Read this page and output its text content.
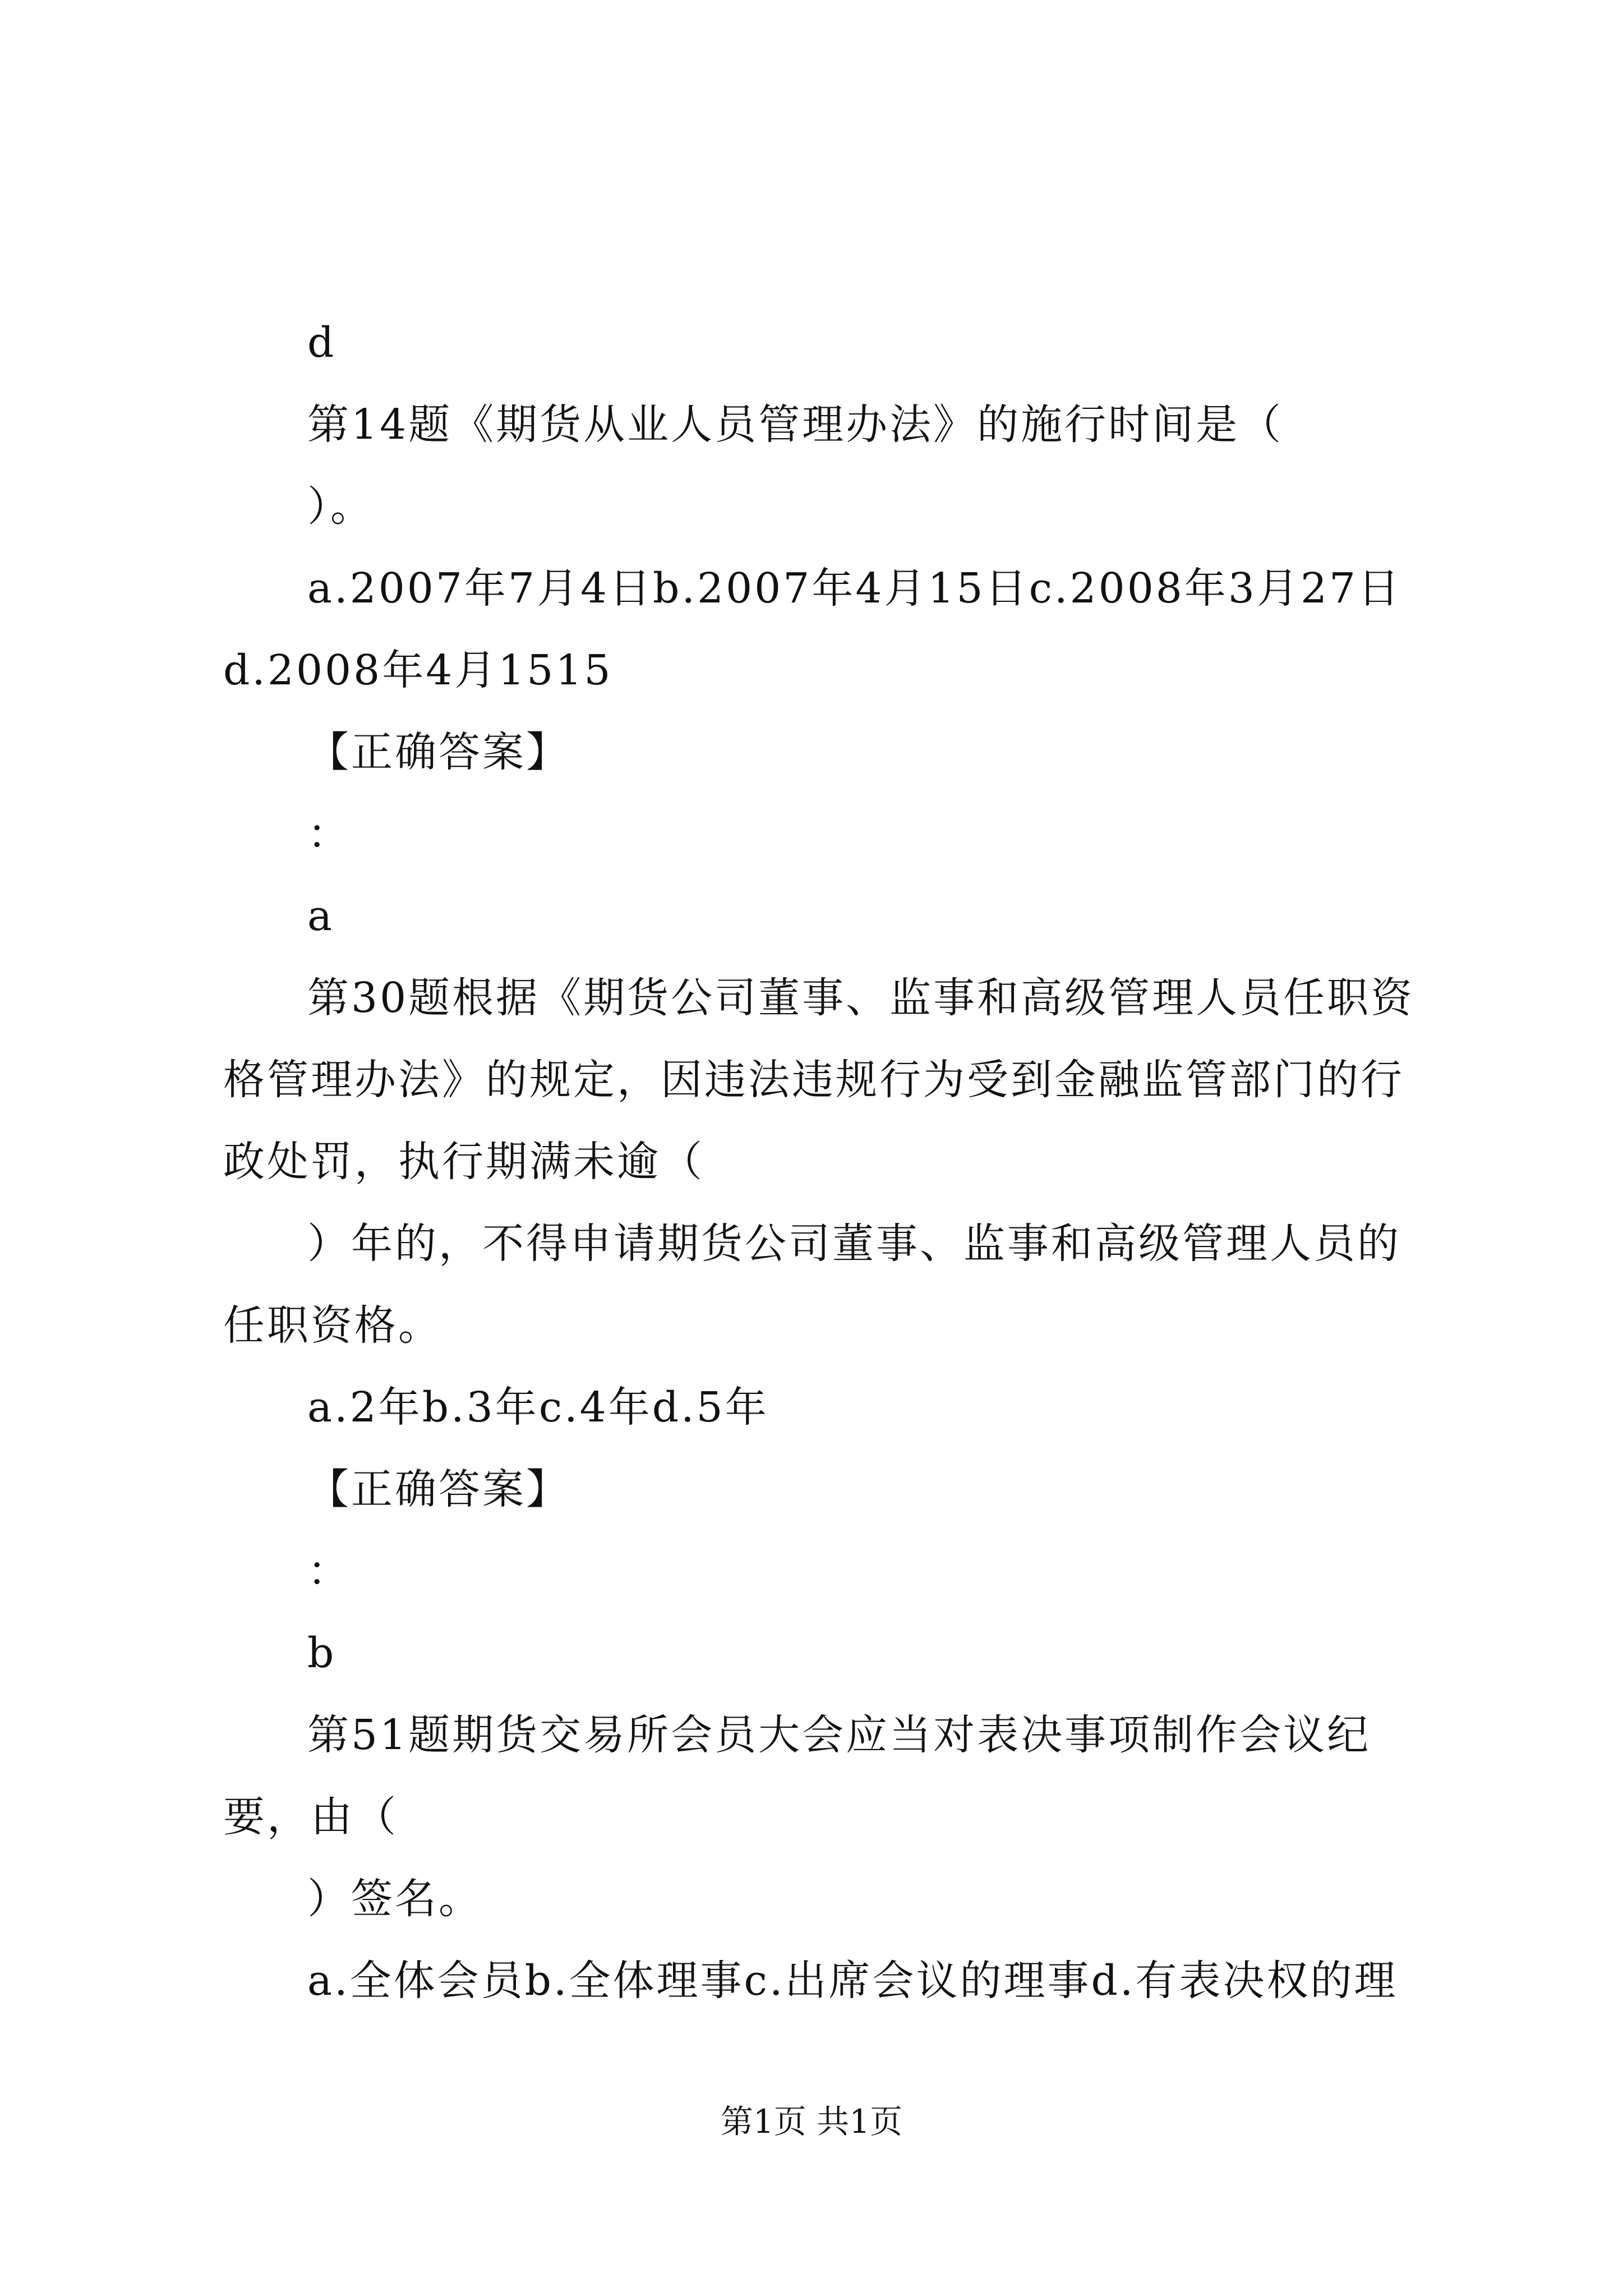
d

第14题《期货从业人员管理办法》的施行时间是（

）。

a.2007年7月4日b.2007年4月15日c.2008年3月27日d.2008年4月1515

【正确答案】

：

a

第30题根据《期货公司董事、监事和高级管理人员任职资格管理办法》的规定，因违法违规行为受到金融监管部门的行政处罚，执行期满未逾（

）年的，不得申请期货公司董事、监事和高级管理人员的任职资格。

a.2年b.3年c.4年d.5年

【正确答案】

：

b

第51题期货交易所会员大会应当对表决事项制作会议纪要，由（

）签名。

a.全体会员b.全体理事c.出席会议的理事d.有表决权的理

第1页 共1页
